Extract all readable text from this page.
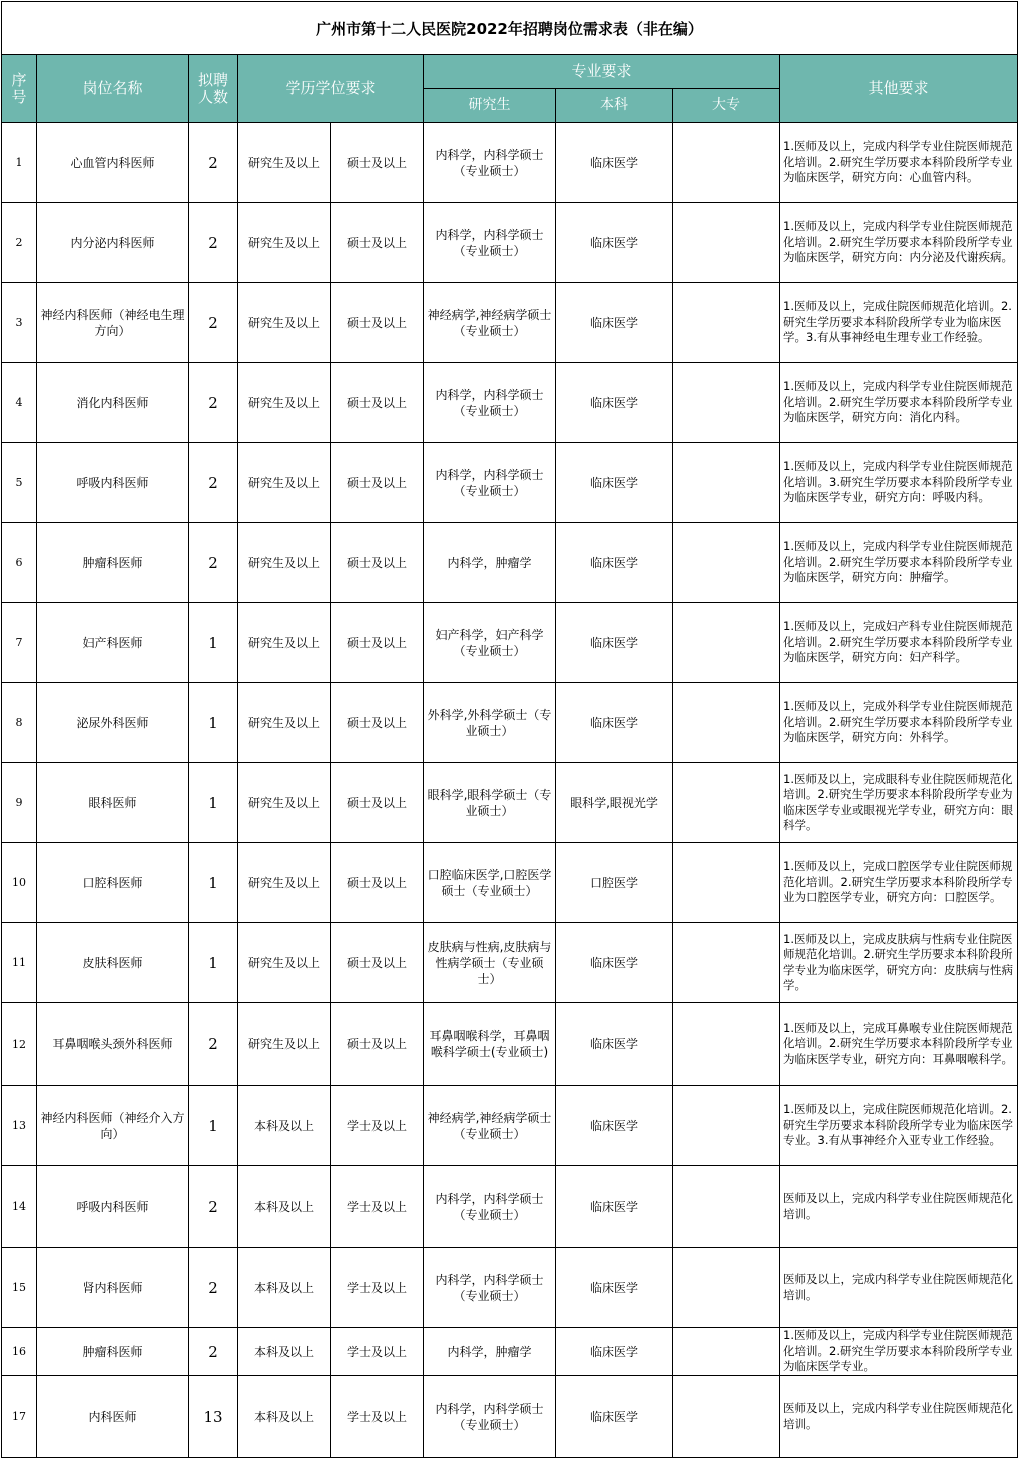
广州市第十二人民医院2022年招聘岗位需求表（非在编）								
序号	岗位名称	拟聘人数	学历学位要求		专业要求			其他要求
					研究生	本科	大专	
1	心血管内科医师	2	研究生及以上	硕士及以上	内科学，内科学硕士（专业硕士）	临床医学		1.医师及以上，完成内科学专业住院医师规范化培训。2.研究生学历要求本科阶段所学专业为临床医学，研究方向：心血管内科。
2	内分泌内科医师	2	研究生及以上	硕士及以上	内科学，内科学硕士（专业硕士）	临床医学		1.医师及以上，完成内科学专业住院医师规范化培训。2.研究生学历要求本科阶段所学专业为临床医学，研究方向：内分泌及代谢疾病。
3	神经内科医师（神经电生理方向）	2	研究生及以上	硕士及以上	神经病学,神经病学硕士（专业硕士）	临床医学		1.医师及以上，完成住院医师规范化培训。2.研究生学历要求本科阶段所学专业为临床医学。3.有从事神经电生理专业工作经验。
4	消化内科医师	2	研究生及以上	硕士及以上	内科学，内科学硕士（专业硕士）	临床医学		1.医师及以上，完成内科学专业住院医师规范化培训。2.研究生学历要求本科阶段所学专业为临床医学，研究方向：消化内科。
5	呼吸内科医师	2	研究生及以上	硕士及以上	内科学，内科学硕士（专业硕士）	临床医学		1.医师及以上，完成内科学专业住院医师规范化培训。3.研究生学历要求本科阶段所学专业为临床医学专业，研究方向：呼吸内科。
6	肿瘤科医师	2	研究生及以上	硕士及以上	内科学，肿瘤学	临床医学		1.医师及以上，完成内科学专业住院医师规范化培训。2.研究生学历要求本科阶段所学专业为临床医学，研究方向：肿瘤学。
7	妇产科医师	1	研究生及以上	硕士及以上	妇产科学，妇产科学（专业硕士）	临床医学		1.医师及以上，完成妇产科专业住院医师规范化培训。2.研究生学历要求本科阶段所学专业为临床医学，研究方向：妇产科学。
8	泌尿外科医师	1	研究生及以上	硕士及以上	外科学,外科学硕士（专业硕士）	临床医学		1.医师及以上，完成外科学专业住院医师规范化培训。2.研究生学历要求本科阶段所学专业为临床医学，研究方向：外科学。
9	眼科医师	1	研究生及以上	硕士及以上	眼科学,眼科学硕士（专业硕士）	眼科学,眼视光学		1.医师及以上，完成眼科专业住院医师规范化培训。2.研究生学历要求本科阶段所学专业为临床医学专业或眼视光学专业，研究方向：眼科学。
10	口腔科医师	1	研究生及以上	硕士及以上	口腔临床医学,口腔医学硕士（专业硕士）	口腔医学		1.医师及以上，完成口腔医学专业住院医师规范化培训。2.研究生学历要求本科阶段所学专业为口腔医学专业，研究方向：口腔医学。
11	皮肤科医师	1	研究生及以上	硕士及以上	皮肤病与性病,皮肤病与性病学硕士（专业硕士）	临床医学		1.医师及以上，完成皮肤病与性病专业住院医师规范化培训。2.研究生学历要求本科阶段所学专业为临床医学，研究方向：皮肤病与性病学。
12	耳鼻咽喉头颈外科医师	2	研究生及以上	硕士及以上	耳鼻咽喉科学，耳鼻咽喉科学硕士(专业硕士)	临床医学		1.医师及以上，完成耳鼻喉专业住院医师规范化培训。2.研究生学历要求本科阶段所学专业为临床医学专业，研究方向：耳鼻咽喉科学。
13	神经内科医师（神经介入方向）	1	本科及以上	学士及以上	神经病学,神经病学硕士（专业硕士）	临床医学		1.医师及以上，完成住院医师规范化培训。2.研究生学历要求本科阶段所学专业为临床医学专业。3.有从事神经介入亚专业工作经验。
14	呼吸内科医师	2	本科及以上	学士及以上	内科学，内科学硕士（专业硕士）	临床医学		医师及以上，完成内科学专业住院医师规范化培训。
15	肾内科医师	2	本科及以上	学士及以上	内科学，内科学硕士（专业硕士）	临床医学		医师及以上，完成内科学专业住院医师规范化培训。
16	肿瘤科医师	2	本科及以上	学士及以上	内科学，肿瘤学	临床医学		1.医师及以上，完成内科学专业住院医师规范化培训。2.研究生学历要求本科阶段所学专业为临床医学专业。
17	内科医师	13	本科及以上	学士及以上	内科学，内科学硕士（专业硕士）	临床医学		医师及以上，完成内科学专业住院医师规范化培训。
